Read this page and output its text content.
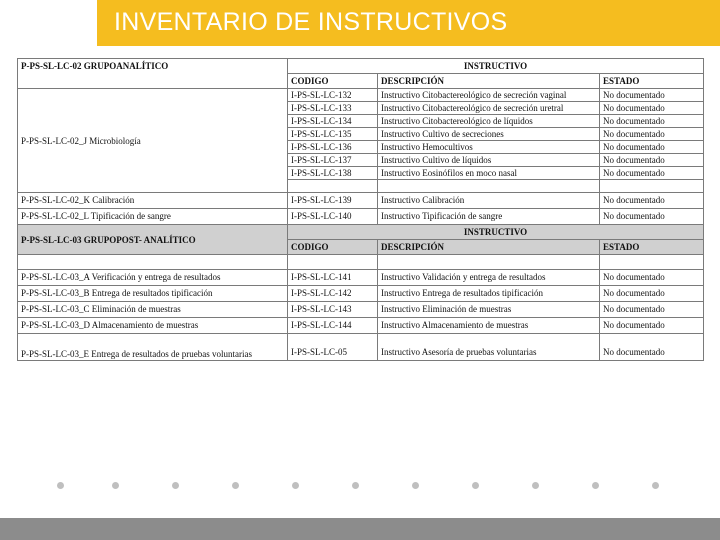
INVENTARIO DE INSTRUCTIVOS
P-PS-SL-LC-02 GRUPOANALÍTICO	INSTRUCTIVO		
	CODIGO	DESCRIPCIÓN	ESTADO
P-PS-SL-LC-02_J Microbiología	I-PS-SL-LC-132	Instructivo Citobactereológico de secreción vaginal	No documentado
	I-PS-SL-LC-133	Instructivo Citobactereológico de secreción uretral	No documentado
	I-PS-SL-LC-134	Instructivo Citobactereológico de líquidos	No documentado
	I-PS-SL-LC-135	Instructivo Cultivo de secreciones	No documentado
	I-PS-SL-LC-136	Instructivo Hemocultivos	No documentado
	I-PS-SL-LC-137	Instructivo Cultivo de líquidos	No documentado
	I-PS-SL-LC-138	Instructivo Eosinófilos en moco nasal	No documentado

P-PS-SL-LC-02_K Calibración	I-PS-SL-LC-139	Instructivo Calibración	No documentado
P-PS-SL-LC-02_L Tipificación de sangre	I-PS-SL-LC-140	Instructivo Tipificación de sangre	No documentado
P-PS-SL-LC-03 GRUPOPOST- ANALÍTICO	INSTRUCTIVO		
	CODIGO	DESCRIPCIÓN	ESTADO

P-PS-SL-LC-03_A Verificación y entrega de resultados	I-PS-SL-LC-141	Instructivo Validación y entrega de resultados	No documentado
P-PS-SL-LC-03_B Entrega de resultados tipificación	I-PS-SL-LC-142	Instructivo Entrega de resultados tipificación	No documentado
P-PS-SL-LC-03_C Eliminación de muestras	I-PS-SL-LC-143	Instructivo Eliminación de muestras	No documentado
P-PS-SL-LC-03_D Almacenamiento de muestras	I-PS-SL-LC-144	Instructivo Almacenamiento de muestras	No documentado
P-PS-SL-LC-03_E Entrega de resultados de pruebas voluntarias	I-PS-SL-LC-05	Instructivo Asesoría de pruebas voluntarias	No documentado
